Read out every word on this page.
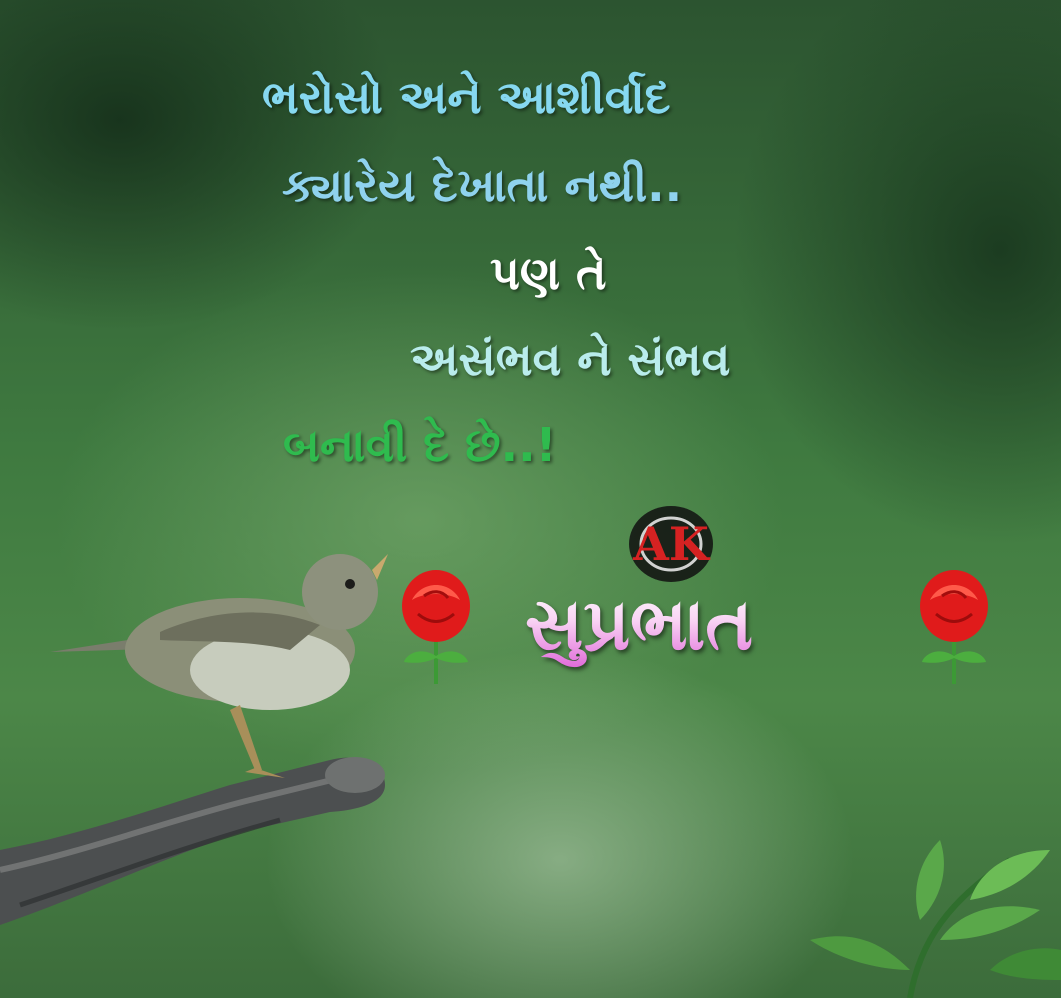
ભરોસો અને આશીર્વાદ
ક્યારેય દેખાતા નથી..
પણ તે
અસંભવ ને સંભવ
બનાવી દે છે..!
AK
સુપ્રભાત
